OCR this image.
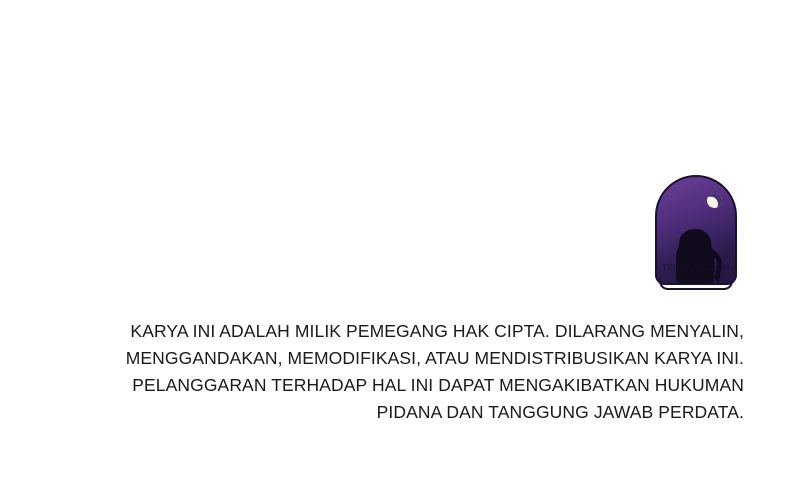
TERRACETOON
KARYA INI ADALAH MILIK PEMEGANG HAK CIPTA. DILARANG MENYALIN,
MENGGANDAKAN, MEMODIFIKASI, ATAU MENDISTRIBUSIKAN KARYA INI.
PELANGGARAN TERHADAP HAL INI DAPAT MENGAKIBATKAN HUKUMAN
PIDANA DAN TANGGUNG JAWAB PERDATA.
